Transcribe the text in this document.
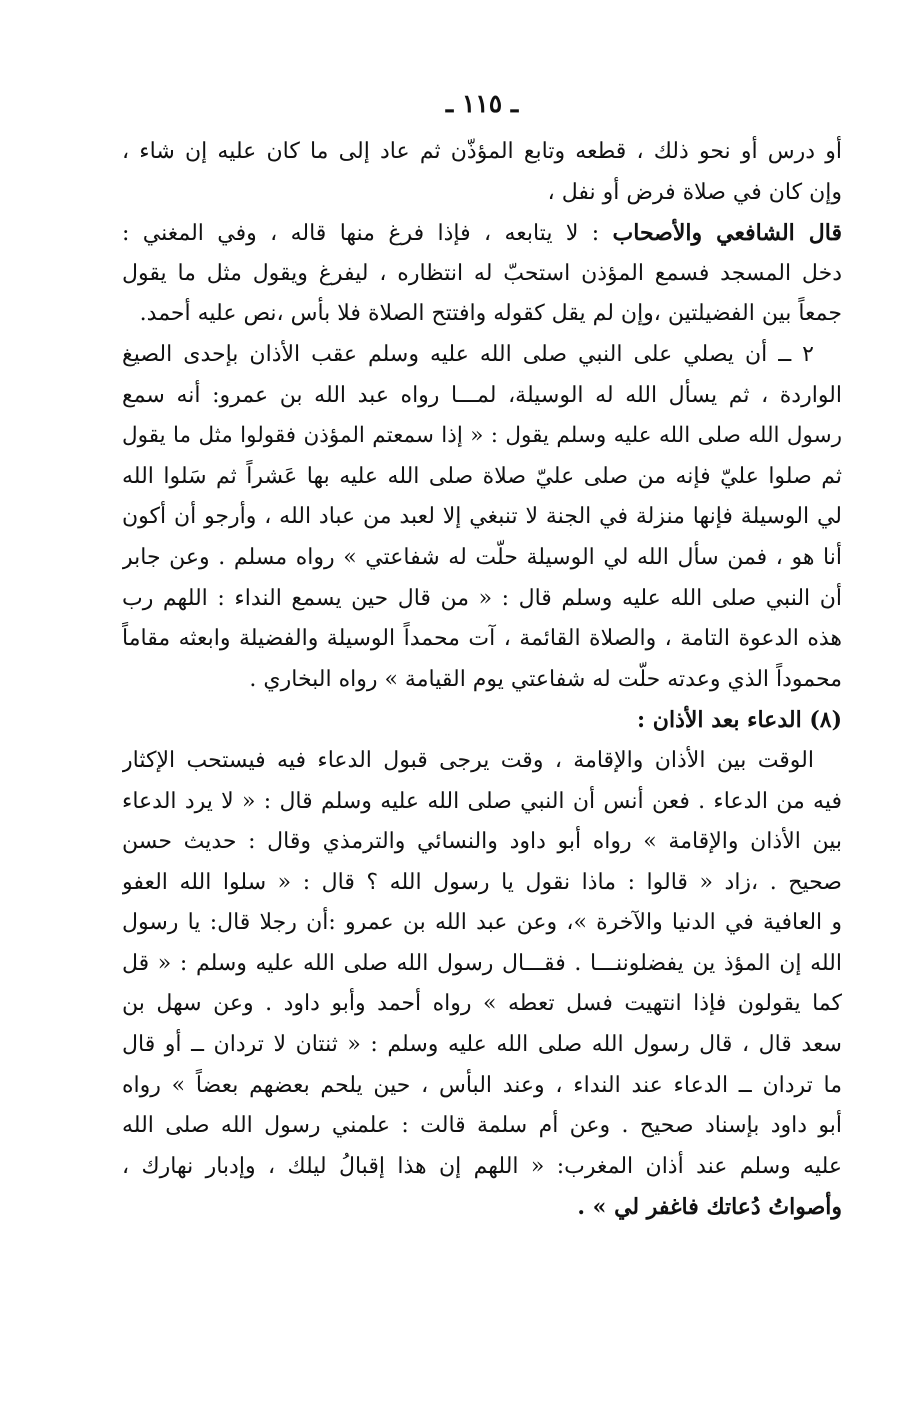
ـ ١١٥ ـ
أو درس أو نحو ذلك ، قطعه وتابع المؤذّن ثم عاد إلى ما كان عليه إن شاء ،
وإن كان في صلاة فرض أو نفل ،
قال الشافعي والأصحاب : لا يتابعه ، فإذا فرغ منها قاله ، وفي المغني :
دخل المسجد فسمع المؤذن استحبّ له انتظاره ، ليفرغ ويقول مثل ما يقول
جمعاً بين الفضيلتين ،وإن لم يقل كقوله وافتتح الصلاة فلا بأس ،نص عليه أحمد.
٢ ــ أن يصلي على النبي صلى الله عليه وسلم عقب الأذان بإحدى الصيغ
الواردة ، ثم يسأل الله له الوسيلة، لمـــا رواه عبد الله بن عمرو: أنه سمع
رسول الله صلى الله عليه وسلم يقول : « إذا سمعتم المؤذن فقولوا مثل ما يقول
ثم صلوا عليّ فإنه من صلى عليّ صلاة صلى الله عليه بها عَشراً ثم سَلوا الله
لي الوسيلة فإنها منزلة في الجنة لا تنبغي إلا لعبد من عباد الله ، وأرجو أن أكون
أنا هو ، فمن سأل الله لي الوسيلة حلّت له شفاعتي » رواه مسلم . وعن جابر
أن النبي صلى الله عليه وسلم قال : « من قال حين يسمع النداء : اللهم رب
هذه الدعوة التامة ، والصلاة القائمة ، آت محمداً الوسيلة والفضيلة وابعثه مقاماً
محموداً الذي وعدته حلّت له شفاعتي يوم القيامة » رواه البخاري .
(٨) الدعاء بعد الأذان :
الوقت بين الأذان والإقامة ، وقت يرجى قبول الدعاء فيه فيستحب الإكثار
فيه من الدعاء . فعن أنس أن النبي صلى الله عليه وسلم قال : « لا يرد الدعاء
بين الأذان والإقامة » رواه أبو داود والنسائي والترمذي وقال : حديث حسن
صحيح . ،زاد « قالوا : ماذا نقول يا رسول الله ؟ قال : « سلوا الله العفو
و العافية في الدنيا والآخرة »، وعن عبد الله بن عمرو :أن رجلا قال: يا رسول
الله إن المؤذ ين يفضلوننـــا . فقـــال رسول الله صلى الله عليه وسلم : « قل
كما يقولون فإذا انتهيت فسل تعطه » رواه أحمد وأبو داود . وعن سهل بن
سعد قال ، قال رسول الله صلى الله عليه وسلم : « ثنتان لا تردان ــ أو قال
ما تردان ــ الدعاء عند النداء ، وعند البأس ، حين يلحم بعضهم بعضاً » رواه
أبو داود بإسناد صحيح . وعن أم سلمة قالت : علمني رسول الله صلى الله
عليه وسلم عند أذان المغرب: « اللهم إن هذا إقبالُ ليلك ، وإدبار نهارك ،
وأصواتُ دُعاتك فاغفر لي » .
